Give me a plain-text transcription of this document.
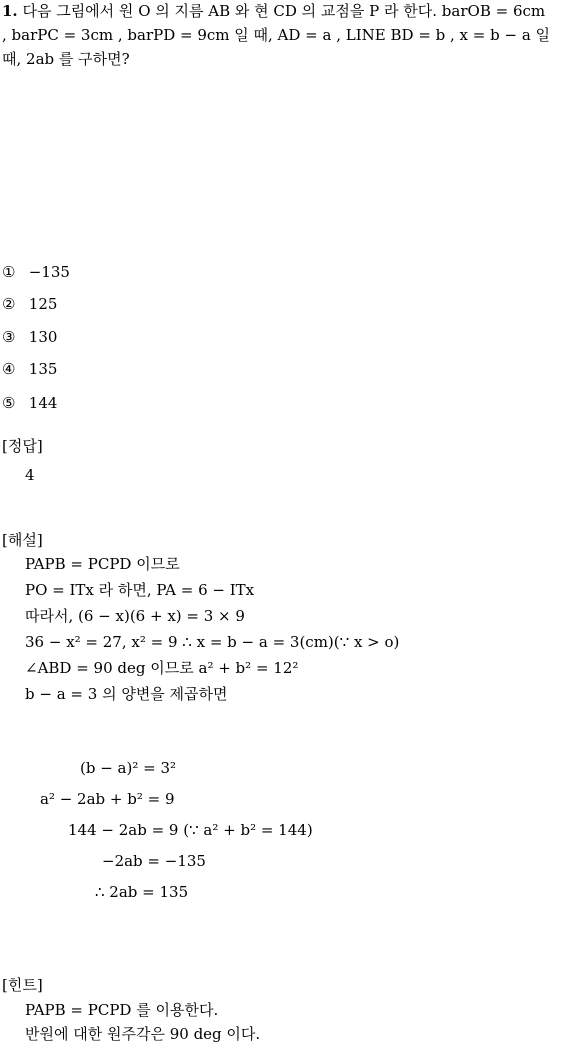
1. 다음 그림에서 원 O 의 지름 AB 와 현 CD 의 교점을 P 라 한다. barOB = 6cm
, barPC = 3cm , barPD = 9cm 일 때, AD = a , LINE BD = b , x = b − a 일
때, 2ab 를 구하면?
① −135
② 125
③ 130
④ 135
⑤ 144
[정답]
4
[해설]
PAPB = PCPD 이므로
PO = ITx 라 하면, PA = 6 − ITx
따라서, (6 − x)(6 + x) = 3 × 9
36 − x² = 27, x² = 9 ∴ x = b − a = 3(cm)(∵ x > o)
∠ABD = 90 deg 이므로 a² + b² = 12²
b − a = 3 의 양변을 제곱하면
(b − a)² = 3²
a² − 2ab + b² = 9
144 − 2ab = 9 (∵ a² + b² = 144)
−2ab = −135
∴ 2ab = 135
[힌트]
PAPB = PCPD 를 이용한다.
반원에 대한 원주각은 90 deg 이다.
